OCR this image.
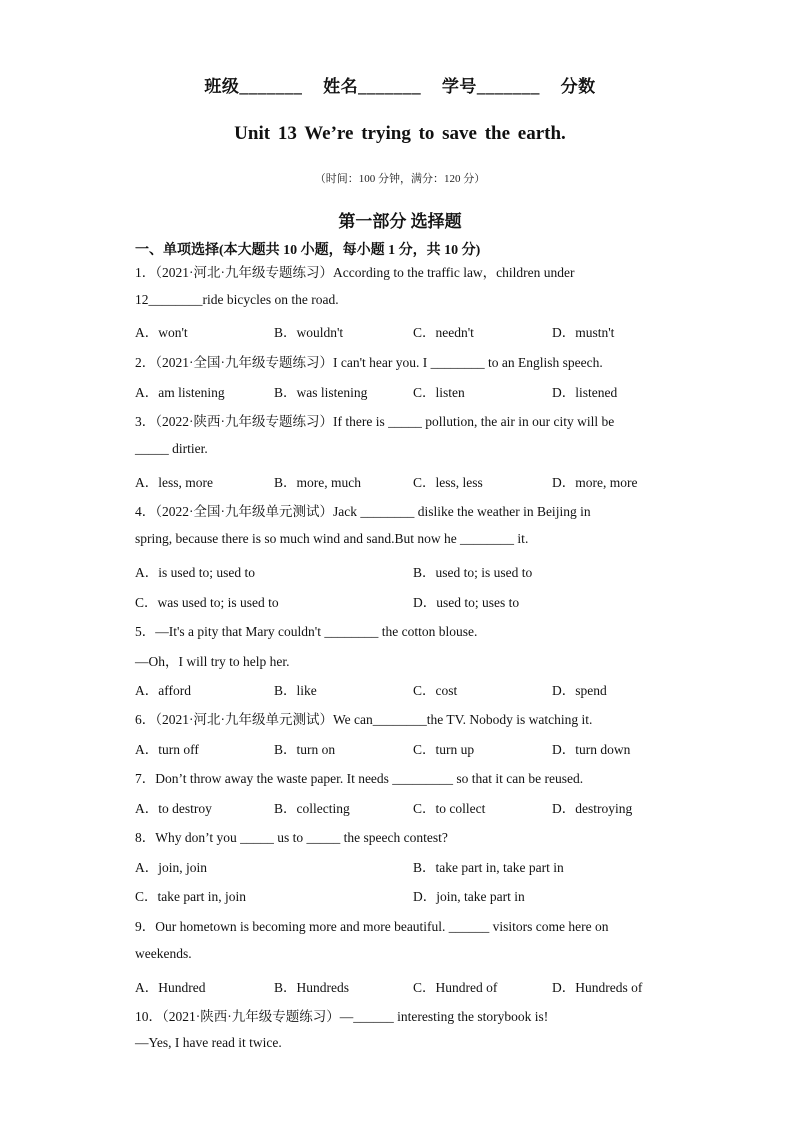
班级_______ 姓名_______ 学号_______ 分数
Unit 13 We’re trying to save the earth.
（时间：100 分钟，满分：120 分）
第一部分 选择题
一、单项选择(本大题共 10 小题，每小题 1 分，共 10 分)
1．（2021·河北·九年级专题练习）According to the traffic law，children under
12________ride bicycles on the road.
A．won't	B．wouldn't	C．needn't	D．mustn't
2．（2021·全国·九年级专题练习）I can't hear you. I ________ to an English speech.
A．am listening	B．was listening	C．listen	D．listened
3．（2022·陕西·九年级专题练习）If there is _____ pollution, the air in our city will be
_____ dirtier.
A．less, more	B．more, much	C．less, less	D．more, more
4．（2022·全国·九年级单元测试）Jack ________ dislike the weather in Beijing in
spring, because there is so much wind and sand.But now he ________ it.
A．is used to; used to	B．used to; is used to
C．was used to; is used to	D．used to; uses to
5．—It's a pity that Mary couldn't ________ the cotton blouse.
—Oh，I will try to help her.
A．afford	B．like	C．cost	D．spend
6．（2021·河北·九年级单元测试）We can________the TV. Nobody is watching it.
A．turn off	B．turn on	C．turn up	D．turn down
7．Don’t throw away the waste paper. It needs _________ so that it can be reused.
A．to destroy	B．collecting	C．to collect	D．destroying
8．Why don’t you _____ us to _____ the speech contest?
A．join, join	B．take part in, take part in
C．take part in, join	D．join, take part in
9．Our hometown is becoming more and more beautiful. ______ visitors come here on
weekends.
A．Hundred	B．Hundreds	C．Hundred of	D．Hundreds of
10．（2021·陕西·九年级专题练习）—______ interesting the storybook is!
—Yes, I have read it twice.
